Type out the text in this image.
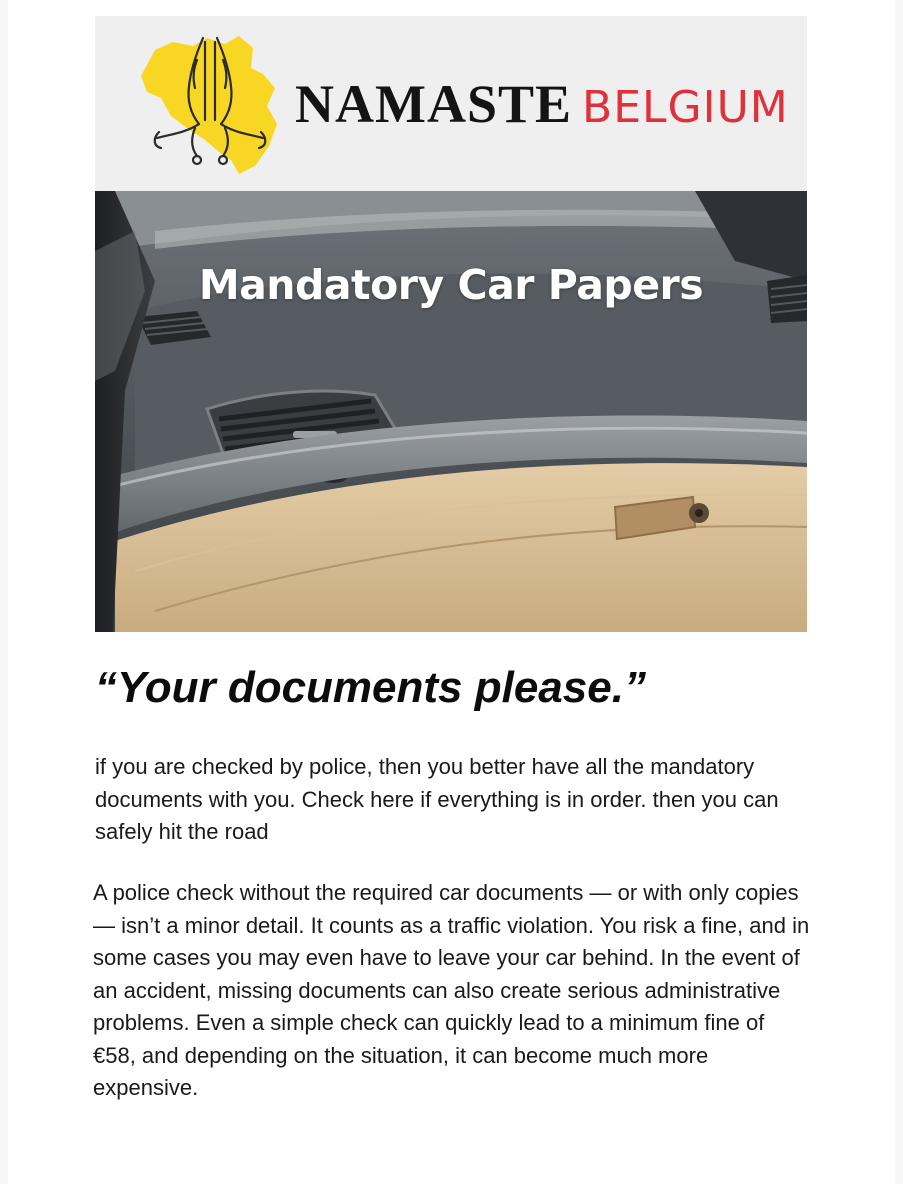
NAMASTE BELGIUM
Mandatory Car Papers
“Your documents please.”

if you are checked by police, then you better have all the mandatory documents with you. Check here if everything is in order. then you can safely hit the road

A police check without the required car documents — or with only copies — isn’t a minor detail. It counts as a traffic violation. You risk a fine, and in some cases you may even have to leave your car behind. In the event of an accident, missing documents can also create serious administrative problems. Even a simple check can quickly lead to a minimum fine of €58, and depending on the situation, it can become much more expensive.
